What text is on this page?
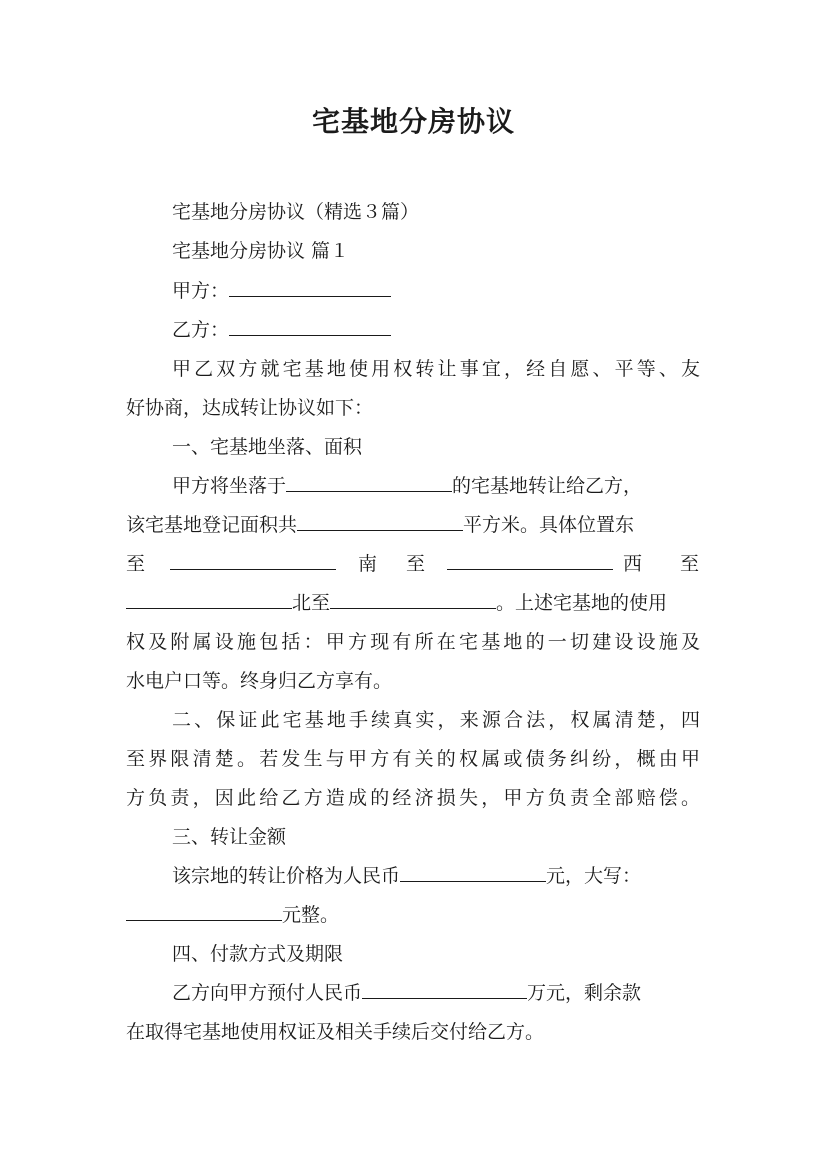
宅基地分房协议
宅基地分房协议（精选３篇）
宅基地分房协议 篇１
甲方：
乙方：
甲乙双方就宅基地使用权转让事宜，经自愿、平等、友
好协商，达成转让协议如下：
一、宅基地坐落、面积
甲方将坐落于	的宅基地转让给乙方，
该宅基地登记面积共	平方米。具体位置东
至	南 至	西 至
北至	。上述宅基地的使用
权及附属设施包括：甲方现有所在宅基地的一切建设设施及
水电户口等。终身归乙方享有。
二、保证此宅基地手续真实，来源合法，权属清楚，四
至界限清楚。若发生与甲方有关的权属或债务纠纷，概由甲
方负责，因此给乙方造成的经济损失，甲方负责全部赔偿。
三、转让金额
该宗地的转让价格为人民币	元，大写：
元整。
四、付款方式及期限
乙方向甲方预付人民币	万元，剩余款
在取得宅基地使用权证及相关手续后交付给乙方。
